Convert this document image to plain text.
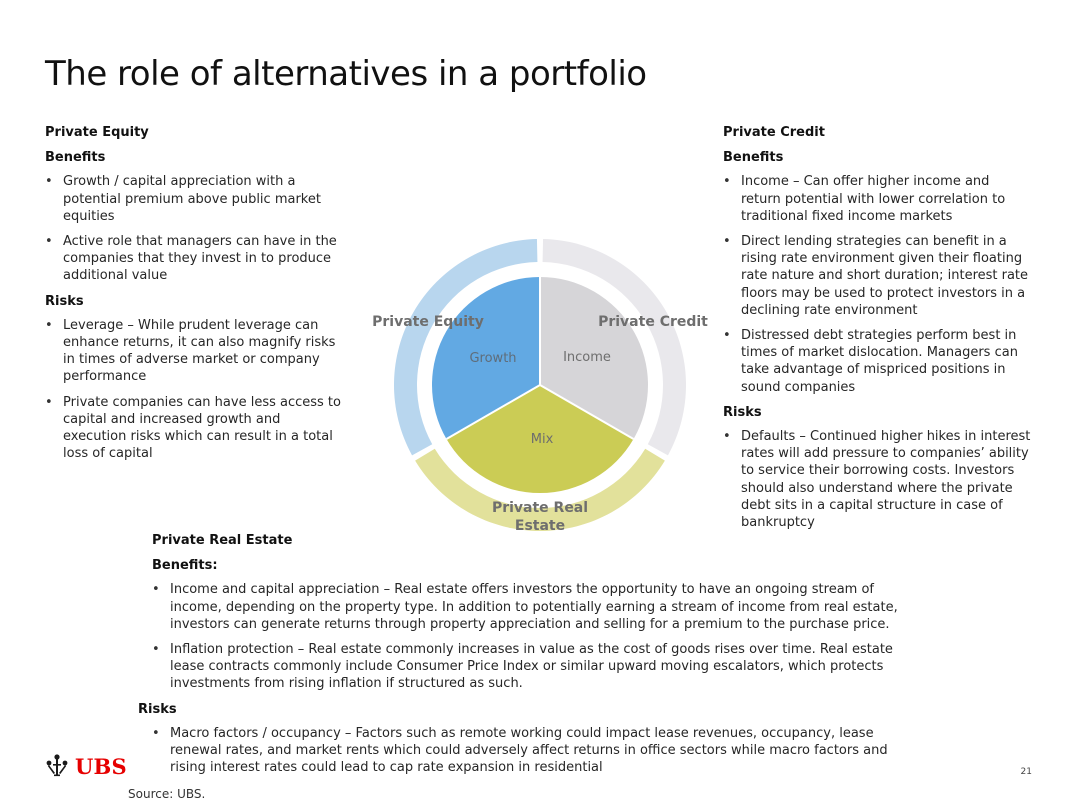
The role of alternatives in a portfolio

Private Equity

Benefits

• Growth / capital appreciation with a potential premium above public market equities
• Active role that managers can have in the companies that they invest in to produce additional value

Risks

• Leverage – While prudent leverage can enhance returns, it can also magnify risks in times of adverse market or company performance
• Private companies can have less access to capital and increased growth and execution risks which can result in a total loss of capital

Private Credit

Benefits

• Income – Can offer higher income and return potential with lower correlation to traditional fixed income markets
• Direct lending strategies can benefit in a rising rate environment given their floating rate nature and short duration; interest rate floors may be used to protect investors in a declining rate environment
• Distressed debt strategies perform best in times of market dislocation. Managers can take advantage of mispriced positions in sound companies

Risks

• Defaults – Continued higher hikes in interest rates will add pressure to companies’ ability to service their borrowing costs. Investors should also understand where the private debt sits in a capital structure in case of bankruptcy
Private Equity	Private Credit
Private Real
Estate
Growth	Income
Mix

Private Real Estate

Benefits:

• Income and capital appreciation – Real estate offers investors the opportunity to have an ongoing stream of income, depending on the property type. In addition to potentially earning a stream of income from real estate, investors can generate returns through property appreciation and selling for a premium to the purchase price.
• Inflation protection – Real estate commonly increases in value as the cost of goods rises over time. Real estate lease contracts commonly include Consumer Price Index or similar upward moving escalators, which protects investments from rising inflation if structured as such.

Risks

• Macro factors / occupancy – Factors such as remote working could impact lease revenues, occupancy, lease renewal rates, and market rents which could adversely affect returns in office sectors while macro factors and rising interest rates could lead to cap rate expansion in residential
UBS	21
Source: UBS.
